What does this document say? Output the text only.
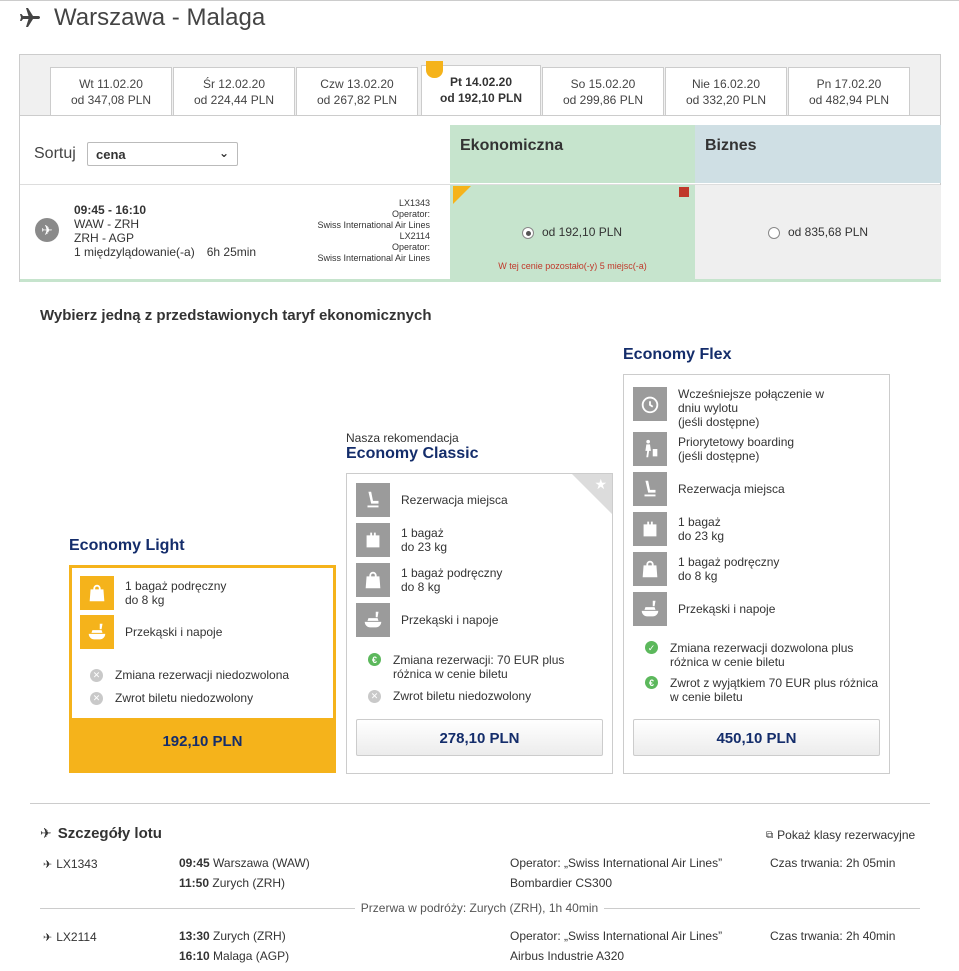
Warszawa - Malaga
Wt 11.02.20
od 347,08 PLN
Śr 12.02.20
od 224,44 PLN
Czw 13.02.20
od 267,82 PLN
Pt 14.02.20
od 192,10 PLN
So 15.02.20
od 299,86 PLN
Nie 16.02.20
od 332,20 PLN
Pn 17.02.20
od 482,94 PLN
Sortuj	cena	⌄	Ekonomiczna	Biznes
✈
09:45 - 16:10
WAW - ZRH
ZRH - AGP
1 międzylądowanie(-a) 6h 25min
LX1343
Operator:
Swiss International Air Lines
LX2114
Operator:
Swiss International Air Lines
od 192,10 PLN
W tej cenie pozostało(-y) 5 miejsc(-a)
od 835,68 PLN
Wybierz jedną z przedstawionych taryf ekonomicznych
Economy Light
1 bagaż podręczny
do 8 kg
Przekąski i napoje
✕ Zmiana rezerwacji niedozwolona
✕ Zwrot biletu niedozwolony
192,10 PLN
Nasza rekomendacja
Economy Classic
★
Rezerwacja miejsca
1 bagaż
do 23 kg
1 bagaż podręczny
do 8 kg
Przekąski i napoje
€	Zmiana rezerwacji: 70 EUR plus
różnica w cenie biletu
✕ Zwrot biletu niedozwolony
278,10 PLN
Economy Flex
Wcześniejsze połączenie w
dniu wylotu
(jeśli dostępne)
Priorytetowy boarding
(jeśli dostępne)
Rezerwacja miejsca
1 bagaż
do 23 kg
1 bagaż podręczny
do 8 kg
Przekąski i napoje
✓ Zmiana rezerwacji dozwolona plus
różnica w cenie biletu
€	Zwrot z wyjątkiem 70 EUR plus różnica
w cenie biletu
450,10 PLN
✈ Szczegóły lotu	⧉ Pokaż klasy rezerwacyjne
✈ LX1343	09:45 Warszawa (WAW)
11:50 Zurych (ZRH)
Operator: „Swiss International Air Lines”
Bombardier CS300
Czas trwania: 2h 05min
Przerwa w podróży: Zurych (ZRH), 1h 40min
✈ LX2114	13:30 Zurych (ZRH)
16:10 Malaga (AGP)
Operator: „Swiss International Air Lines”
Airbus Industrie A320
Czas trwania: 2h 40min
